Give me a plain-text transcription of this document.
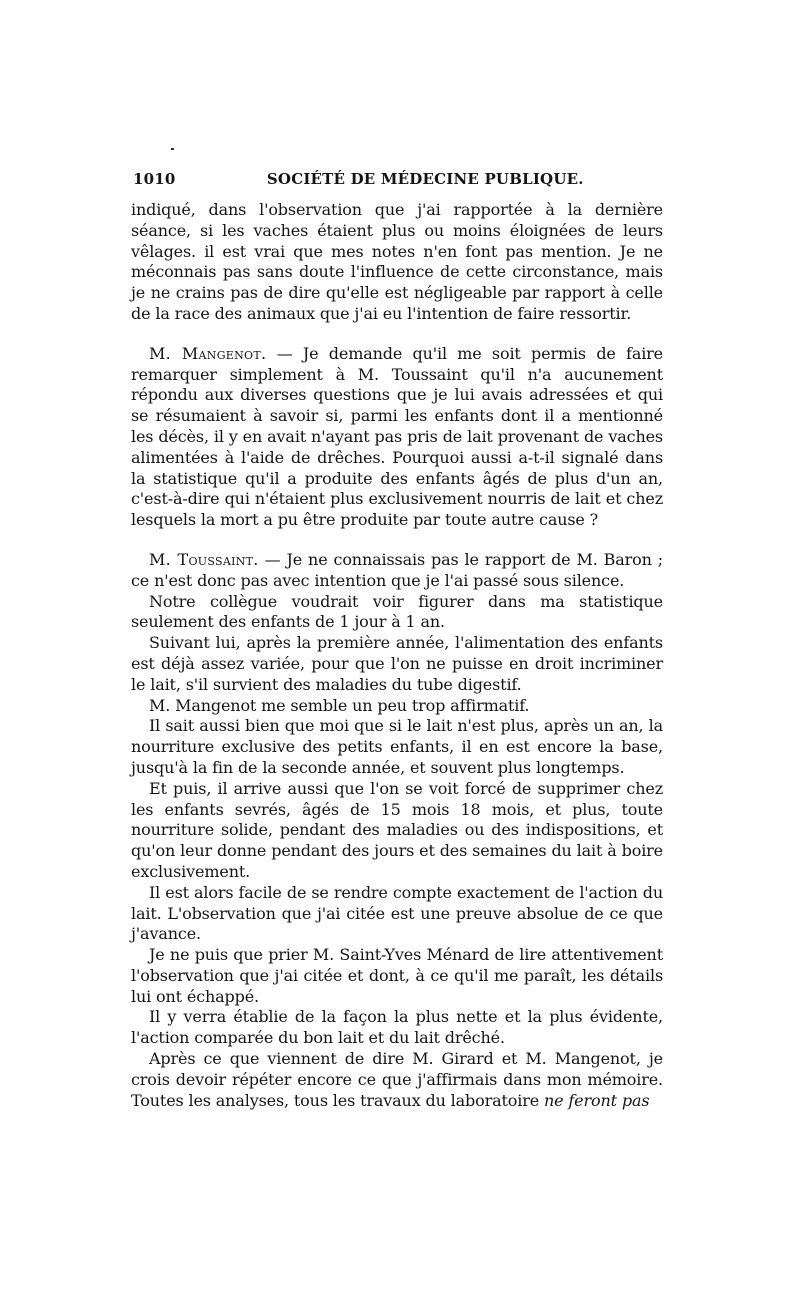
1010	SOCIÉTÉ DE MÉDECINE PUBLIQUE.

indiqué, dans l'observation que j'ai rapportée à la dernière séance, si les vaches étaient plus ou moins éloignées de leurs vêlages. il est vrai que mes notes n'en font pas mention. Je ne méconnais pas sans doute l'influence de cette circonstance, mais je ne crains pas de dire qu'elle est négligeable par rapport à celle de la race des animaux que j'ai eu l'intention de faire ressortir.

M. Mangenot. — Je demande qu'il me soit permis de faire remarquer simplement à M. Toussaint qu'il n'a aucunement répondu aux diverses questions que je lui avais adressées et qui se résumaient à savoir si, parmi les enfants dont il a mentionné les décès, il y en avait n'ayant pas pris de lait provenant de vaches alimentées à l'aide de drêches. Pourquoi aussi a-t-il signalé dans la statistique qu'il a produite des enfants âgés de plus d'un an, c'est-à-dire qui n'étaient plus exclusivement nourris de lait et chez lesquels la mort a pu être produite par toute autre cause ?

M. Toussaint. — Je ne connaissais pas le rapport de M. Baron ; ce n'est donc pas avec intention que je l'ai passé sous silence.

Notre collègue voudrait voir figurer dans ma statistique seulement des enfants de 1 jour à 1 an.

Suivant lui, après la première année, l'alimentation des enfants est déjà assez variée, pour que l'on ne puisse en droit incriminer le lait, s'il survient des maladies du tube digestif.

M. Mangenot me semble un peu trop affirmatif.

Il sait aussi bien que moi que si le lait n'est plus, après un an, la nourriture exclusive des petits enfants, il en est encore la base, jusqu'à la fin de la seconde année, et souvent plus longtemps.

Et puis, il arrive aussi que l'on se voit forcé de supprimer chez les enfants sevrés, âgés de 15 mois 18 mois, et plus, toute nourriture solide, pendant des maladies ou des indispositions, et qu'on leur donne pendant des jours et des semaines du lait à boire exclusivement.

Il est alors facile de se rendre compte exactement de l'action du lait. L'observation que j'ai citée est une preuve absolue de ce que j'avance.

Je ne puis que prier M. Saint-Yves Ménard de lire attentivement l'observation que j'ai citée et dont, à ce qu'il me paraît, les détails lui ont échappé.

Il y verra établie de la façon la plus nette et la plus évidente, l'action comparée du bon lait et du lait drêché.

Après ce que viennent de dire M. Girard et M. Mangenot, je crois devoir répéter encore ce que j'affirmais dans mon mémoire. Toutes les analyses, tous les travaux du laboratoire ne feront pas
